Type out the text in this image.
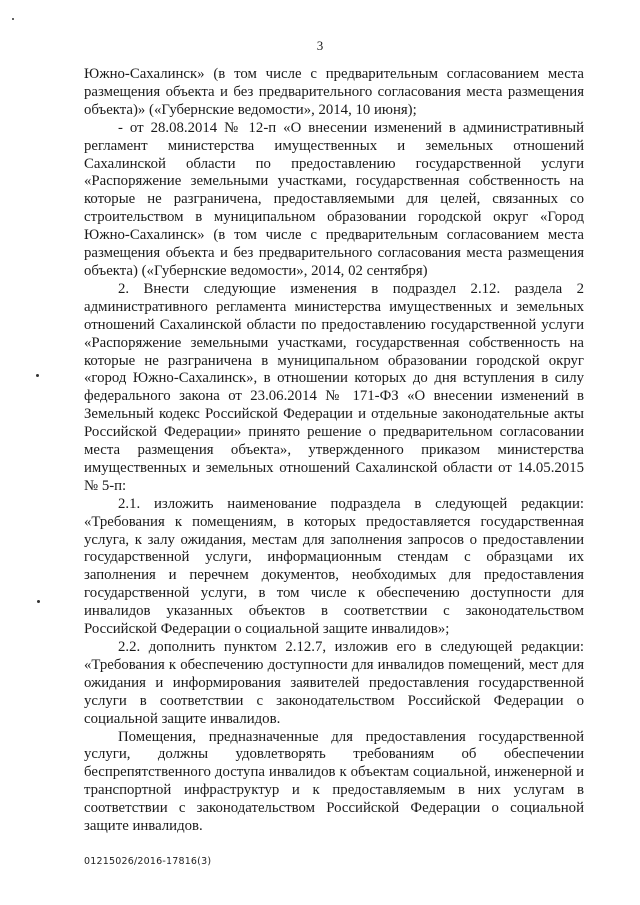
3

Южно-Сахалинск» (в том числе с предварительным согласованием места размещения объекта и без предварительного согласования места размещения объекта)» («Губернские ведомости», 2014, 10 июня);

- от 28.08.2014 № 12-п «О внесении изменений в административный регламент министерства имущественных и земельных отношений Сахалинской области по предоставлению государственной услуги «Распоряжение земельными участками, государственная собственность на которые не разграничена, предоставляемыми для целей, связанных со строительством в муниципальном образовании городской округ «Город Южно-Сахалинск» (в том числе с предварительным согласованием места размещения объекта и без предварительного согласования места размещения объекта) («Губернские ведомости», 2014, 02 сентября)

2. Внести следующие изменения в подраздел 2.12. раздела 2 административного регламента министерства имущественных и земельных отношений Сахалинской области по предоставлению государственной услуги «Распоряжение земельными участками, государственная собственность на которые не разграничена в муниципальном образовании городской округ «город Южно-Сахалинск», в отношении которых до дня вступления в силу федерального закона от 23.06.2014 № 171-ФЗ «О внесении изменений в Земельный кодекс Российской Федерации и отдельные законодательные акты Российской Федерации» принято решение о предварительном согласовании места размещения объекта», утвержденного приказом министерства имущественных и земельных отношений Сахалинской области от 14.05.2015 № 5-п:

2.1. изложить наименование подраздела в следующей редакции: «Требования к помещениям, в которых предоставляется государственная услуга, к залу ожидания, местам для заполнения запросов о предоставлении государственной услуги, информационным стендам с образцами их заполнения и перечнем документов, необходимых для предоставления государственной услуги, в том числе к обеспечению доступности для инвалидов указанных объектов в соответствии с законодательством Российской Федерации о социальной защите инвалидов»;

2.2. дополнить пунктом 2.12.7, изложив его в следующей редакции: «Требования к обеспечению доступности для инвалидов помещений, мест для ожидания и информирования заявителей предоставления государственной услуги в соответствии с законодательством Российской Федерации о социальной защите инвалидов.

Помещения, предназначенные для предоставления государственной услуги, должны удовлетворять требованиям об обеспечении беспрепятственного доступа инвалидов к объектам социальной, инженерной и транспортной инфраструктур и к предоставляемым в них услугам в соответствии с законодательством Российской Федерации о социальной защите инвалидов.

01215026/2016-17816(3)
